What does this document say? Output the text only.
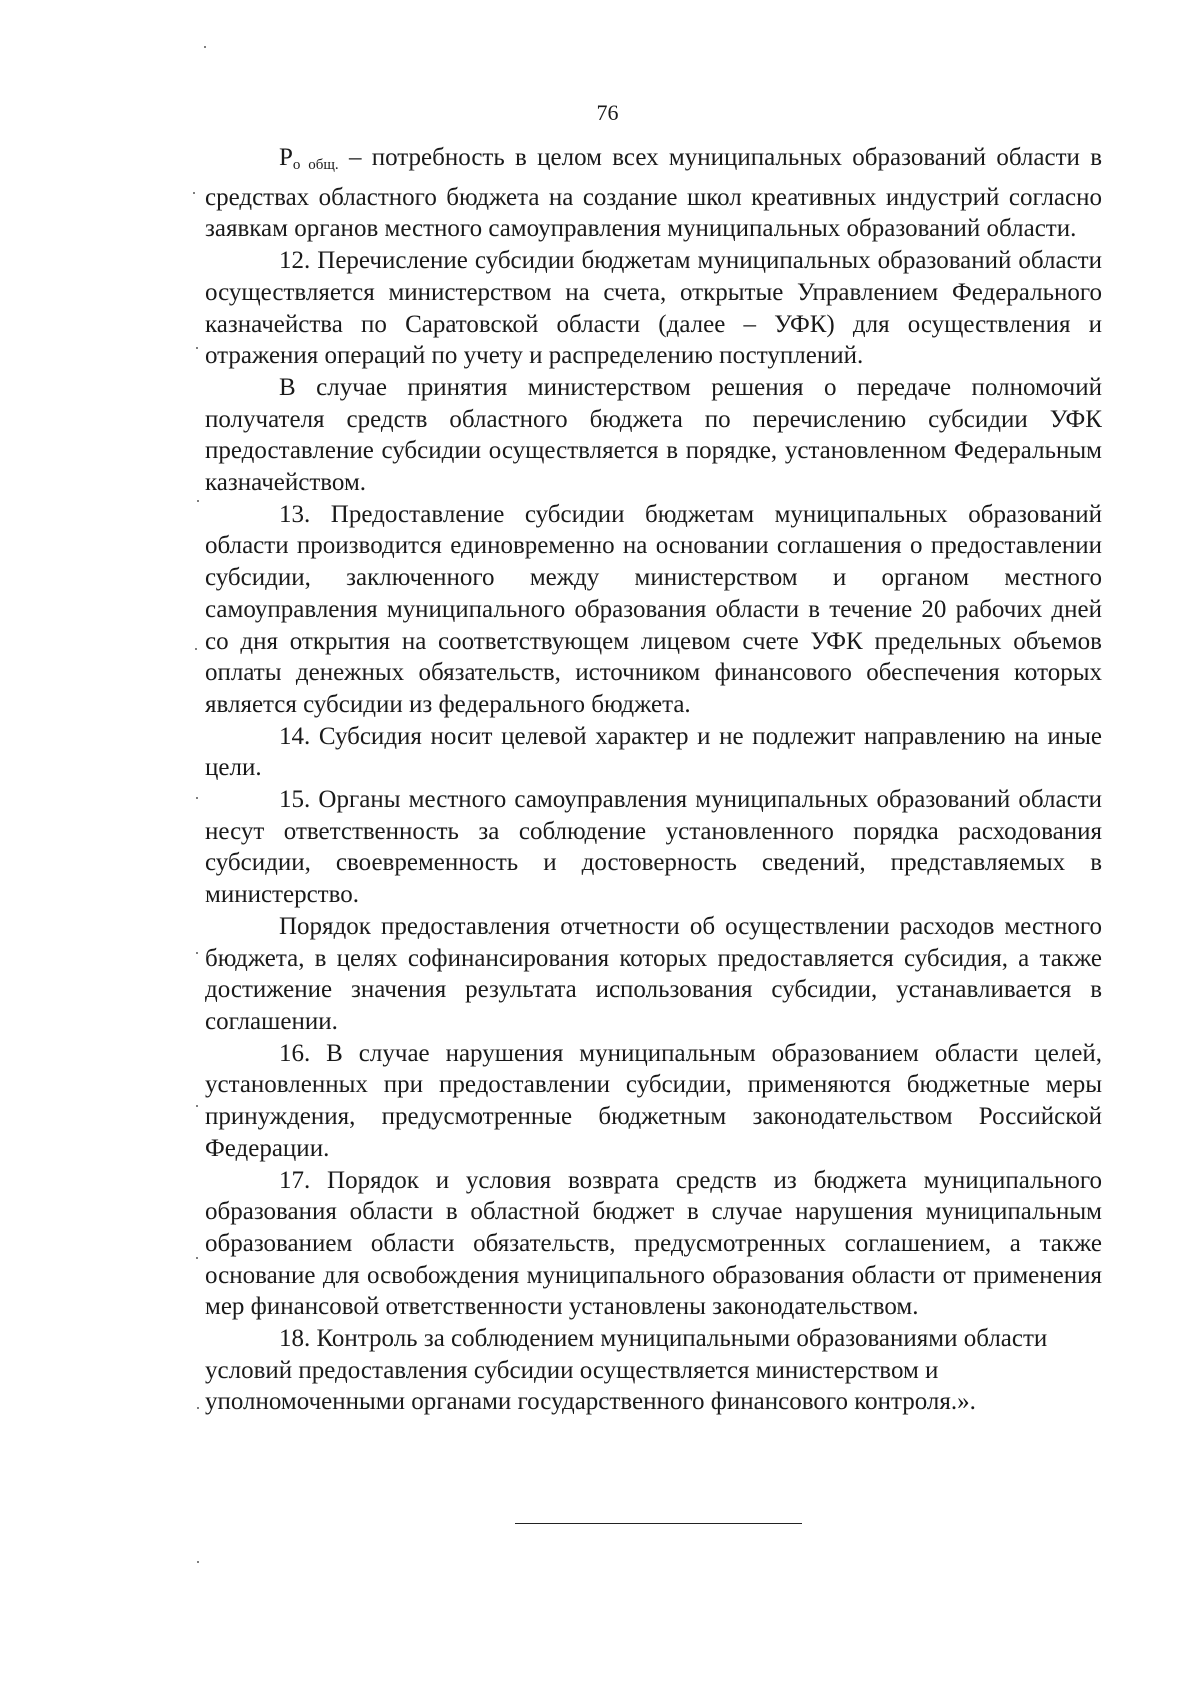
76

$Р_{о общ.}$ – потребность в целом всех муниципальных образований области в средствах областного бюджета на создание школ креативных индустрий согласно заявкам органов местного самоуправления муниципальных образований области.

12. Перечисление субсидии бюджетам муниципальных образований области осуществляется министерством на счета, открытые Управлением Федерального казначейства по Саратовской области (далее – УФК) для осуществления и отражения операций по учету и распределению поступлений.

В случае принятия министерством решения о передаче полномочий получателя средств областного бюджета по перечислению субсидии УФК предоставление субсидии осуществляется в порядке, установленном Федеральным казначейством.

13. Предоставление субсидии бюджетам муниципальных образований области производится единовременно на основании соглашения о предоставлении субсидии, заключенного между министерством и органом местного самоуправления муниципального образования области в течение 20 рабочих дней со дня открытия на соответствующем лицевом счете УФК предельных объемов оплаты денежных обязательств, источником финансового обеспечения которых является субсидии из федерального бюджета.

14. Субсидия носит целевой характер и не подлежит направлению на иные цели.

15. Органы местного самоуправления муниципальных образований области несут ответственность за соблюдение установленного порядка расходования субсидии, своевременность и достоверность сведений, представляемых в министерство.

Порядок предоставления отчетности об осуществлении расходов местного бюджета, в целях софинансирования которых предоставляется субсидия, а также достижение значения результата использования субсидии, устанавливается в соглашении.

16. В случае нарушения муниципальным образованием области целей, установленных при предоставлении субсидии, применяются бюджетные меры принуждения, предусмотренные бюджетным законодательством Российской Федерации.

17. Порядок и условия возврата средств из бюджета муниципального образования области в областной бюджет в случае нарушения муниципальным образованием области обязательств, предусмотренных соглашением, а также основание для освобождения муниципального образования области от применения мер финансовой ответственности установлены законодательством.

18. Контроль за соблюдением муниципальными образованиями области условий предоставления субсидии осуществляется министерством и уполномоченными органами государственного финансового контроля.».
